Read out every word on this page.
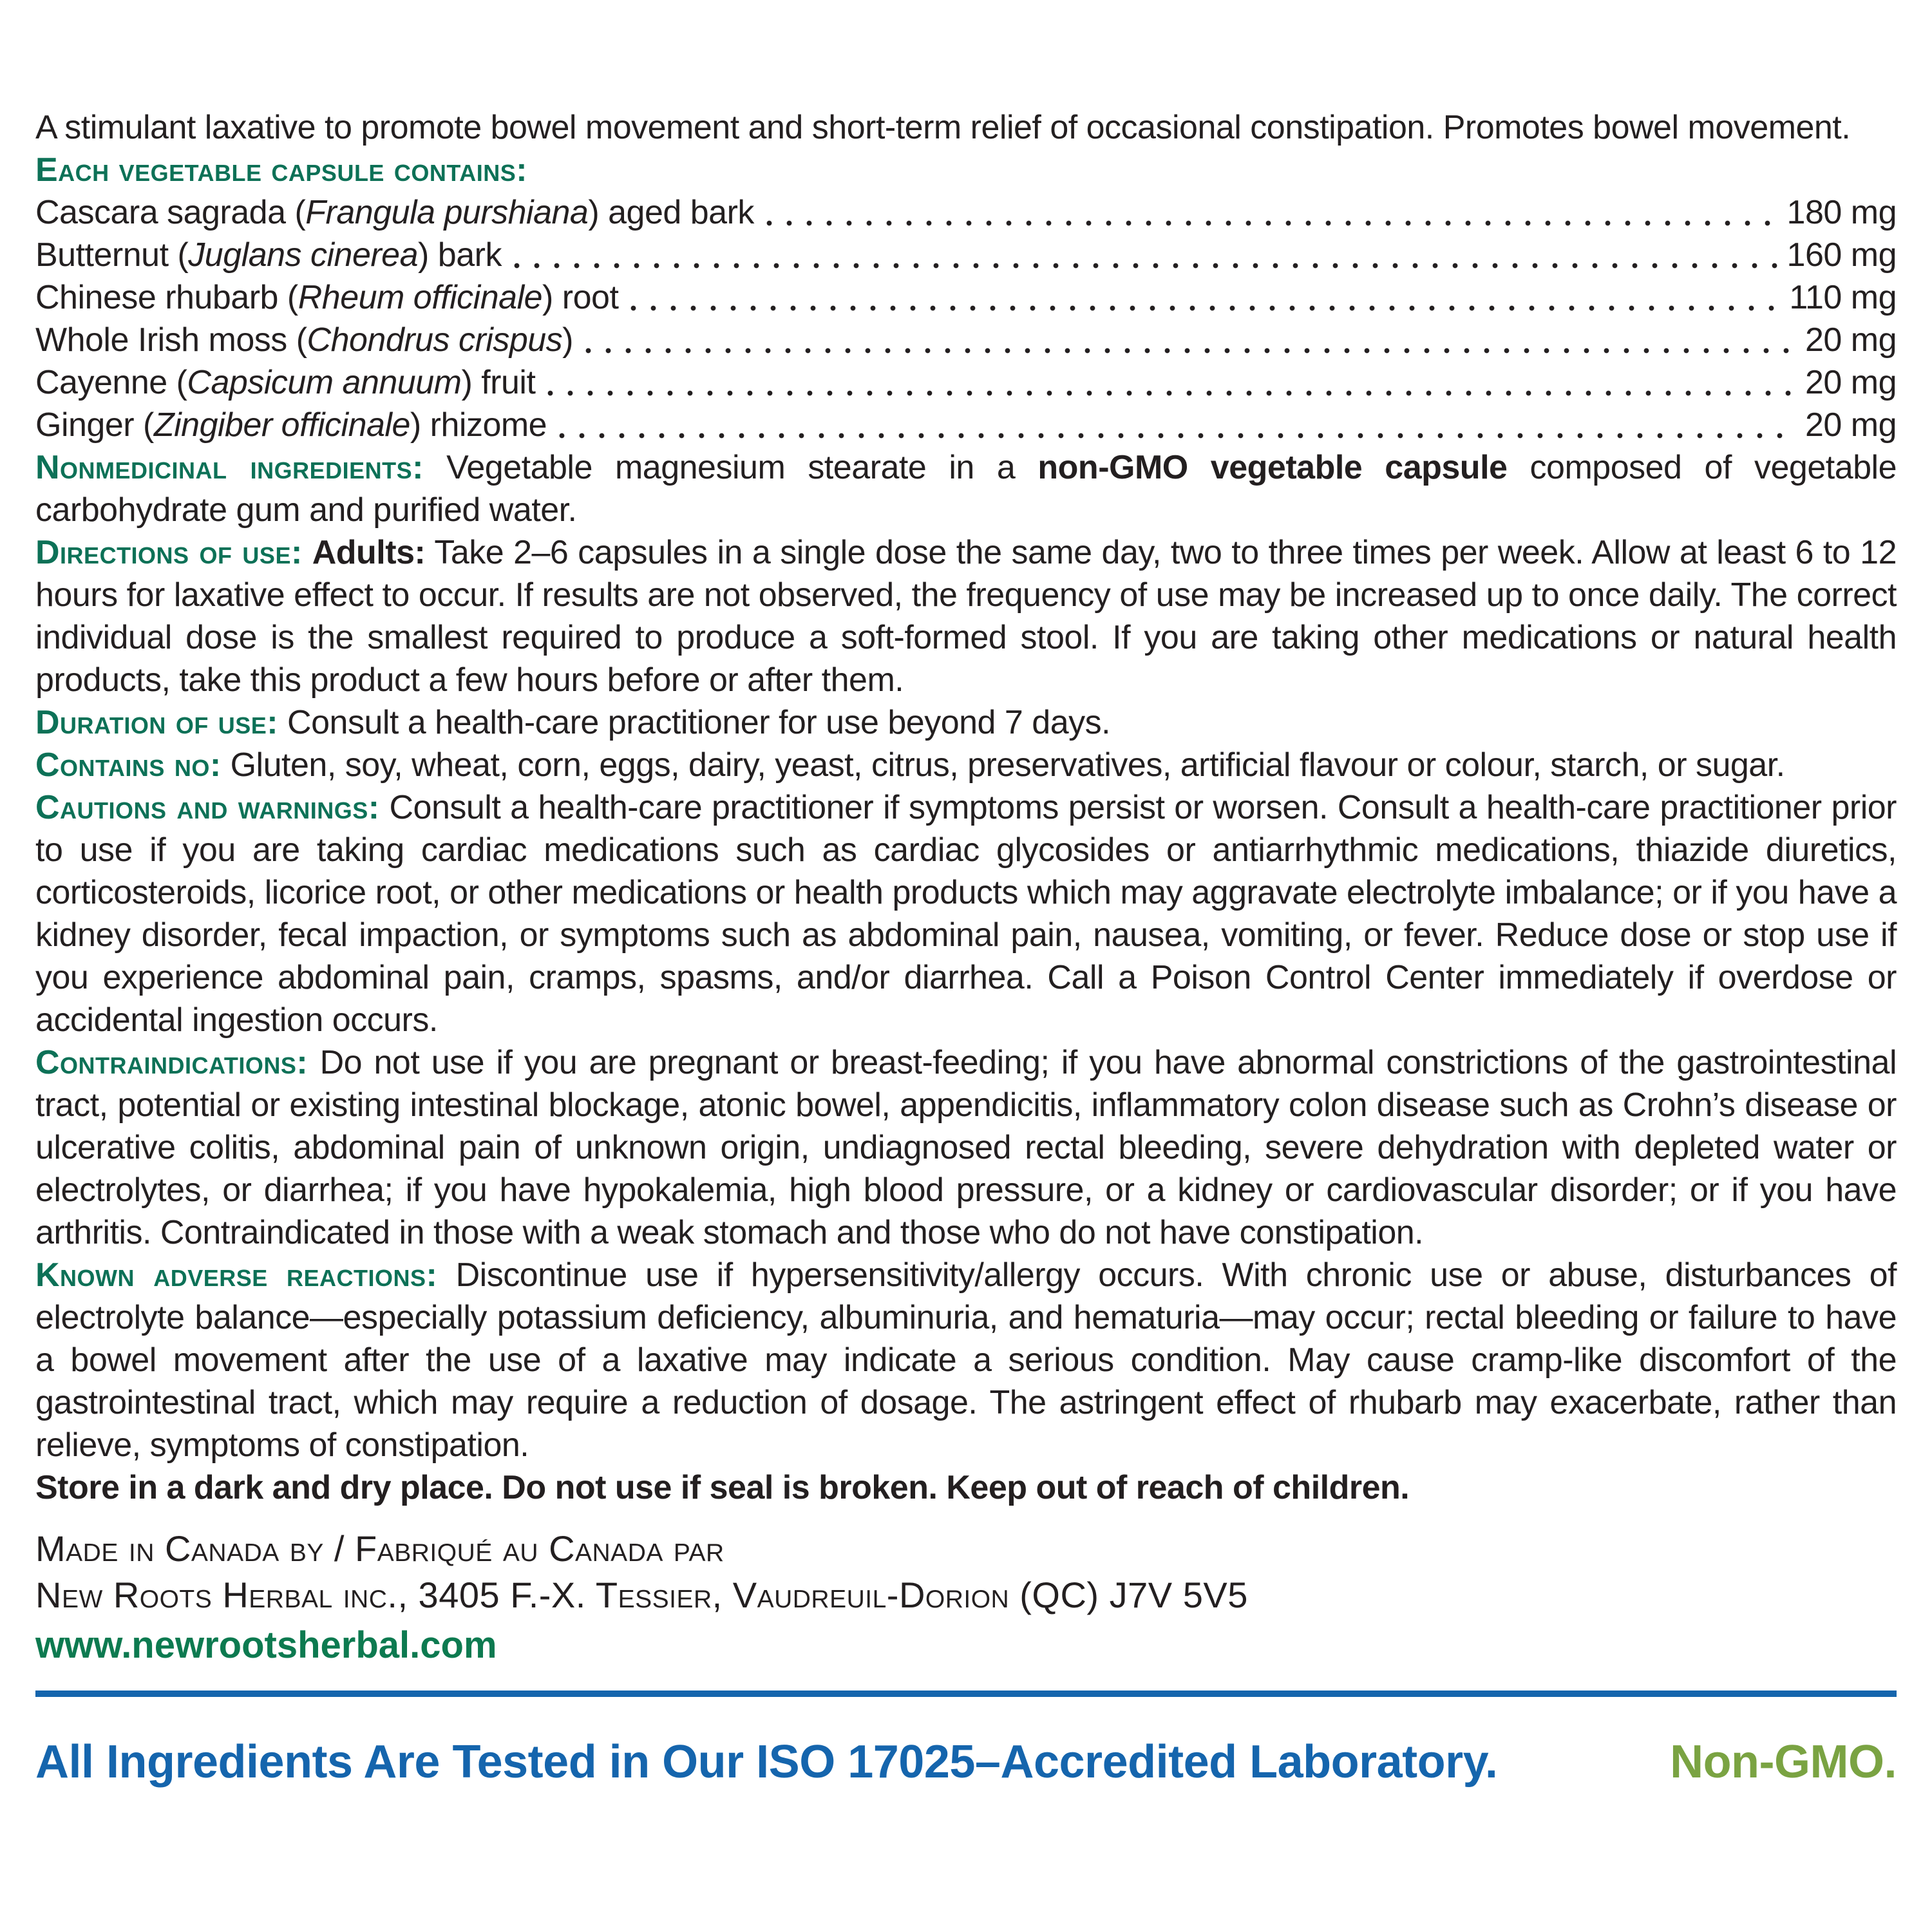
A stimulant laxative to promote bowel movement and short-term relief of occasional constipation. Promotes bowel movement.

Each vegetable capsule contains:
Cascara sagrada (Frangula purshiana) aged bark	180 mg
Butternut (Juglans cinerea) bark	160 mg
Chinese rhubarb (Rheum officinale) root	110 mg
Whole Irish moss (Chondrus crispus)	20 mg
Cayenne (Capsicum annuum) fruit	20 mg
Ginger (Zingiber officinale) rhizome	20 mg

Nonmedicinal ingredients: Vegetable magnesium stearate in a non-GMO vegetable capsule composed of vegetable carbohydrate gum and purified water.

Directions of use: Adults: Take 2–6 capsules in a single dose the same day, two to three times per week. Allow at least 6 to 12 hours for laxative effect to occur. If results are not observed, the frequency of use may be increased up to once daily. The correct individual dose is the smallest required to produce a soft-formed stool. If you are taking other medications or natural health products, take this product a few hours before or after them.

Duration of use: Consult a health-care practitioner for use beyond 7 days.

Contains no: Gluten, soy, wheat, corn, eggs, dairy, yeast, citrus, preservatives, artificial flavour or colour, starch, or sugar.

Cautions and warnings: Consult a health-care practitioner if symptoms persist or worsen. Consult a health-care practitioner prior to use if you are taking cardiac medications such as cardiac glycosides or antiarrhythmic medications, thiazide diuretics, corticosteroids, licorice root, or other medications or health products which may aggravate electrolyte imbalance; or if you have a kidney disorder, fecal impaction, or symptoms such as abdominal pain, nausea, vomiting, or fever. Reduce dose or stop use if you experience abdominal pain, cramps, spasms, and/or diarrhea. Call a Poison Control Center immediately if overdose or accidental ingestion occurs.

Contraindications: Do not use if you are pregnant or breast-feeding; if you have abnormal constrictions of the gastrointestinal tract, potential or existing intestinal blockage, atonic bowel, appendicitis, inflammatory colon disease such as Crohn’s disease or ulcerative colitis, abdominal pain of unknown origin, undiagnosed rectal bleeding, severe dehydration with depleted water or electrolytes, or diarrhea; if you have hypokalemia, high blood pressure, or a kidney or cardiovascular disorder; or if you have arthritis. Contraindicated in those with a weak stomach and those who do not have constipation.

Known adverse reactions: Discontinue use if hypersensitivity/allergy occurs. With chronic use or abuse, disturbances of electrolyte balance—especially potassium deficiency, albuminuria, and hematuria—may occur; rectal bleeding or failure to have a bowel movement after the use of a laxative may indicate a serious condition. May cause cramp-like discomfort of the gastrointestinal tract, which may require a reduction of dosage. The astringent effect of rhubarb may exacerbate, rather than relieve, symptoms of constipation.

Store in a dark and dry place. Do not use if seal is broken. Keep out of reach of children.

Made in Canada by / Fabriqué au Canada par
New Roots Herbal inc., 3405 F.-X. Tessier, Vaudreuil-Dorion (QC) J7V 5V5
www.newrootsherbal.com
All Ingredients Are Tested in Our ISO 17025–Accredited Laboratory.	Non-GMO.
